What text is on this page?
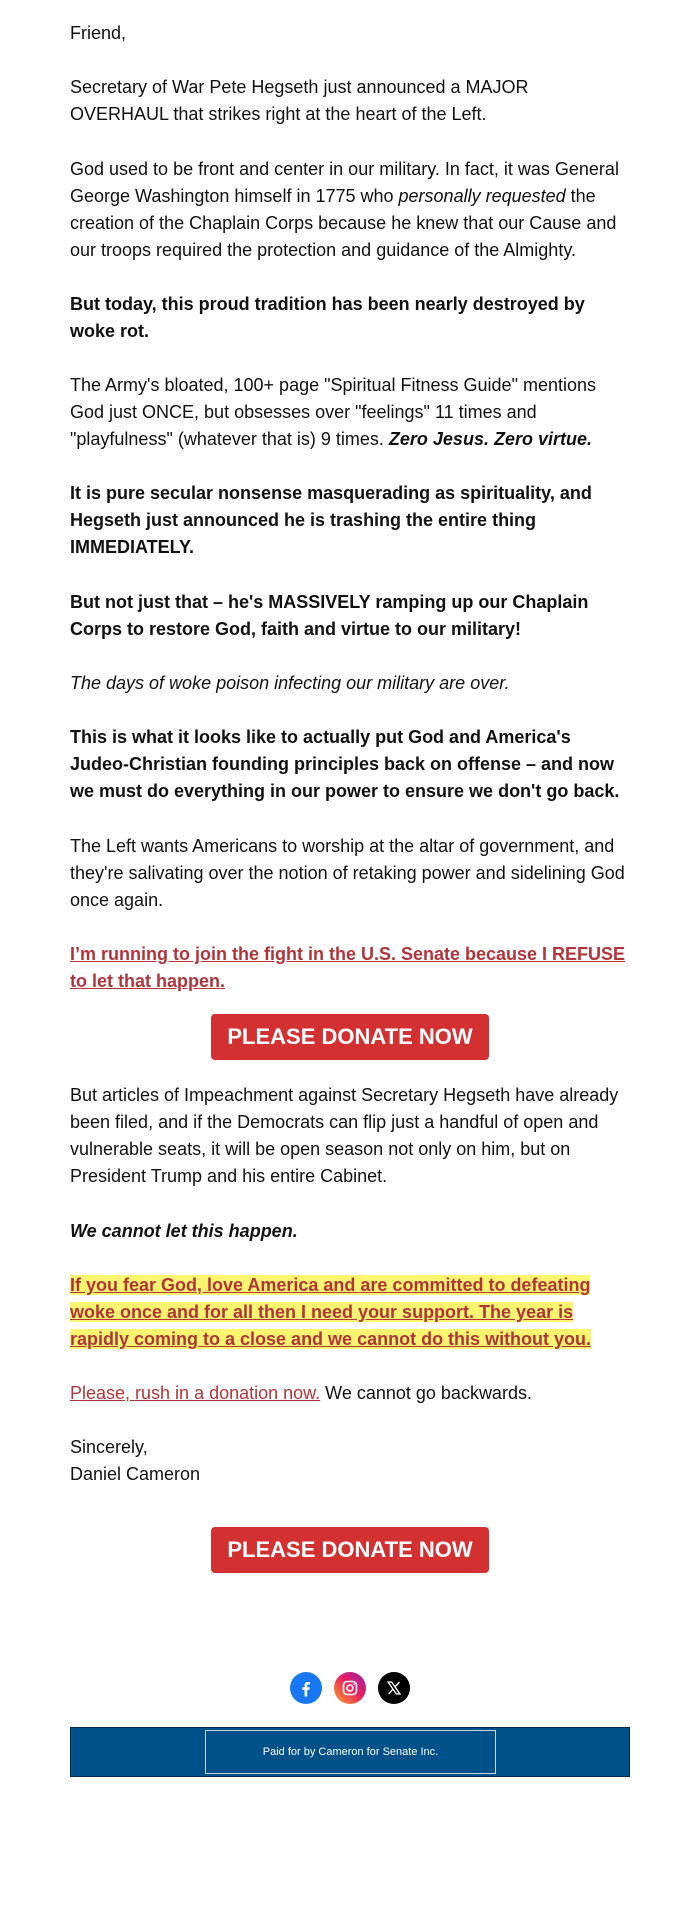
Friend,

Secretary of War Pete Hegseth just announced a MAJOR OVERHAUL that strikes right at the heart of the Left.

God used to be front and center in our military. In fact, it was General George Washington himself in 1775 who personally requested the creation of the Chaplain Corps because he knew that our Cause and our troops required the protection and guidance of the Almighty.

But today, this proud tradition has been nearly destroyed by woke rot.

The Army's bloated, 100+ page "Spiritual Fitness Guide" mentions God just ONCE, but obsesses over "feelings" 11 times and "playfulness" (whatever that is) 9 times. Zero Jesus. Zero virtue.

It is pure secular nonsense masquerading as spirituality, and Hegseth just announced he is trashing the entire thing IMMEDIATELY.

But not just that – he's MASSIVELY ramping up our Chaplain Corps to restore God, faith and virtue to our military!

The days of woke poison infecting our military are over.

This is what it looks like to actually put God and America's Judeo-Christian founding principles back on offense – and now we must do everything in our power to ensure we don't go back.

The Left wants Americans to worship at the altar of government, and they're salivating over the notion of retaking power and sidelining God once again.

I’m running to join the fight in the U.S. Senate because I REFUSE to let that happen.

PLEASE DONATE NOW

But articles of Impeachment against Secretary Hegseth have already been filed, and if the Democrats can flip just a handful of open and vulnerable seats, it will be open season not only on him, but on President Trump and his entire Cabinet.

We cannot let this happen.

If you fear God, love America and are committed to defeating woke once and for all then I need your support. The year is rapidly coming to a close and we cannot do this without you.

Please, rush in a donation now. We cannot go backwards.

Sincerely,

Daniel Cameron

PLEASE DONATE NOW

Paid for by Cameron for Senate Inc.
